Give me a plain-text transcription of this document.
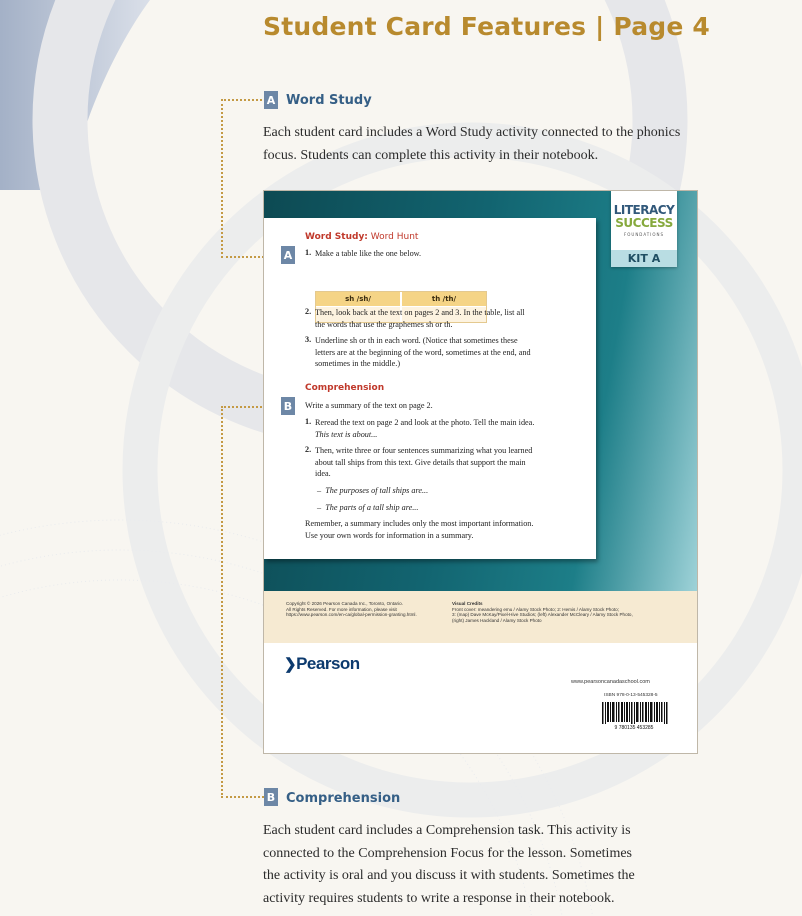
Student Card Features | Page 4
A Word Study
Each student card includes a Word Study activity connected to the phonics
focus. Students can complete this activity in their notebook.
Word Study: Word Hunt
1. Make a table like the one below.
sh /sh/	th /th/
2. Then, look back at the text on pages 2 and 3. In the table, list all
the words that use the graphemes sh or th.
3. Underline sh or th in each word. (Notice that sometimes these
letters are at the beginning of the word, sometimes at the end, and
sometimes in the middle.)
Comprehension
Write a summary of the text on page 2.
1. Reread the text on page 2 and look at the photo. Tell the main idea.
This text is about...
2. Then, write three or four sentences summarizing what you learned
about tall ships from this text. Give details that support the main
idea.
–  The purposes of tall ships are...
–  The parts of a tall ship are...
Remember, a summary includes only the most important information.
Use your own words for information in a summary.
LITERACY
SUCCESS
FOUNDATIONS
KIT A
Copyright © 2026 Pearson Canada Inc., Toronto, Ontario.
All Rights Reserved. For more information, please visit
https://www.pearson.com/en-ca/global-permission-granting.html.
Visual Credits
Front cover: meandering emu / Alamy Stock Photo; 2: Hemis / Alamy Stock Photo;
3: (map) Dave McKay/Pixel-Hive Studios; (left) Alexander McCleary / Alamy Stock Photo,
(right) James Hackland / Alamy Stock Photo
❯Pearson
www.pearsoncanadaschool.com
ISBN 978-0-13-545328-5
9 780135 453285
A
B
B Comprehension
Each student card includes a Comprehension task. This activity is
connected to the Comprehension Focus for the lesson. Sometimes
the activity is oral and you discuss it with students. Sometimes the
activity requires students to write a response in their notebook.
